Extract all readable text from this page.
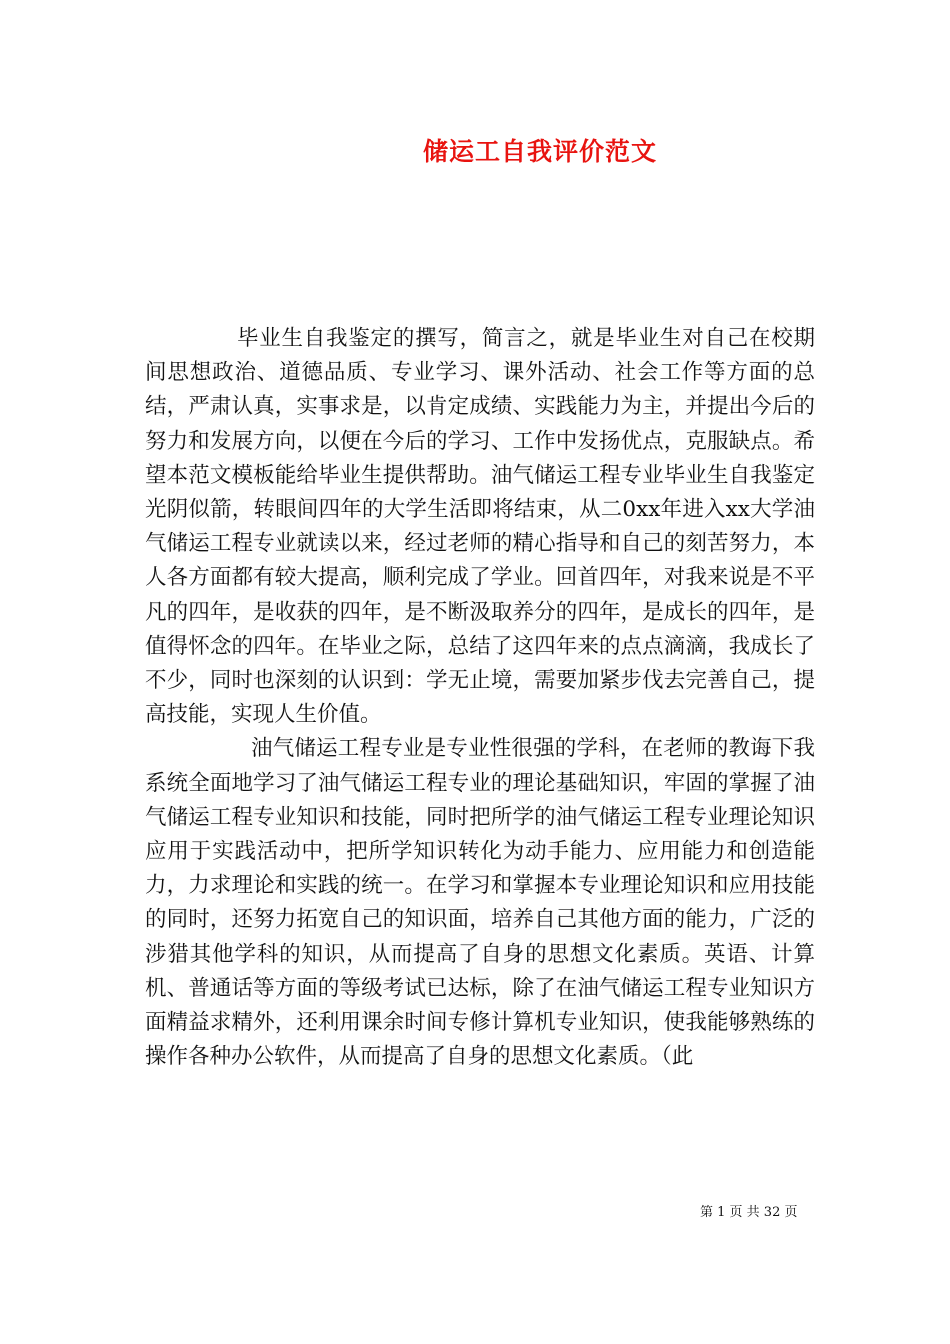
储运工自我评价范文

毕业生自我鉴定的撰写，简言之，就是毕业生对自己在校期间思想政治、道德品质、专业学习、课外活动、社会工作等方面的总结，严肃认真，实事求是，以肯定成绩、实践能力为主，并提出今后的努力和发展方向，以便在今后的学习、工作中发扬优点，克服缺点。希望本范文模板能给毕业生提供帮助。油气储运工程专业毕业生自我鉴定光阴似箭，转眼间四年的大学生活即将结束，从二0xx年进入xx大学油气储运工程专业就读以来，经过老师的精心指导和自己的刻苦努力，本人各方面都有较大提高，顺利完成了学业。回首四年，对我来说是不平凡的四年，是收获的四年，是不断汲取养分的四年，是成长的四年，是值得怀念的四年。在毕业之际，总结了这四年来的点点滴滴，我成长了不少，同时也深刻的认识到：学无止境，需要加紧步伐去完善自己，提高技能，实现人生价值。

油气储运工程专业是专业性很强的学科，在老师的教诲下我系统全面地学习了油气储运工程专业的理论基础知识，牢固的掌握了油气储运工程专业知识和技能，同时把所学的油气储运工程专业理论知识应用于实践活动中，把所学知识转化为动手能力、应用能力和创造能力，力求理论和实践的统一。在学习和掌握本专业理论知识和应用技能的同时，还努力拓宽自己的知识面，培养自己其他方面的能力，广泛的涉猎其他学科的知识，从而提高了自身的思想文化素质。英语、计算机、普通话等方面的等级考试已达标，除了在油气储运工程专业知识方面精益求精外，还利用课余时间专修计算机专业知识，使我能够熟练的操作各种办公软件，从而提高了自身的思想文化素质。（此

第 1 页 共 32 页
